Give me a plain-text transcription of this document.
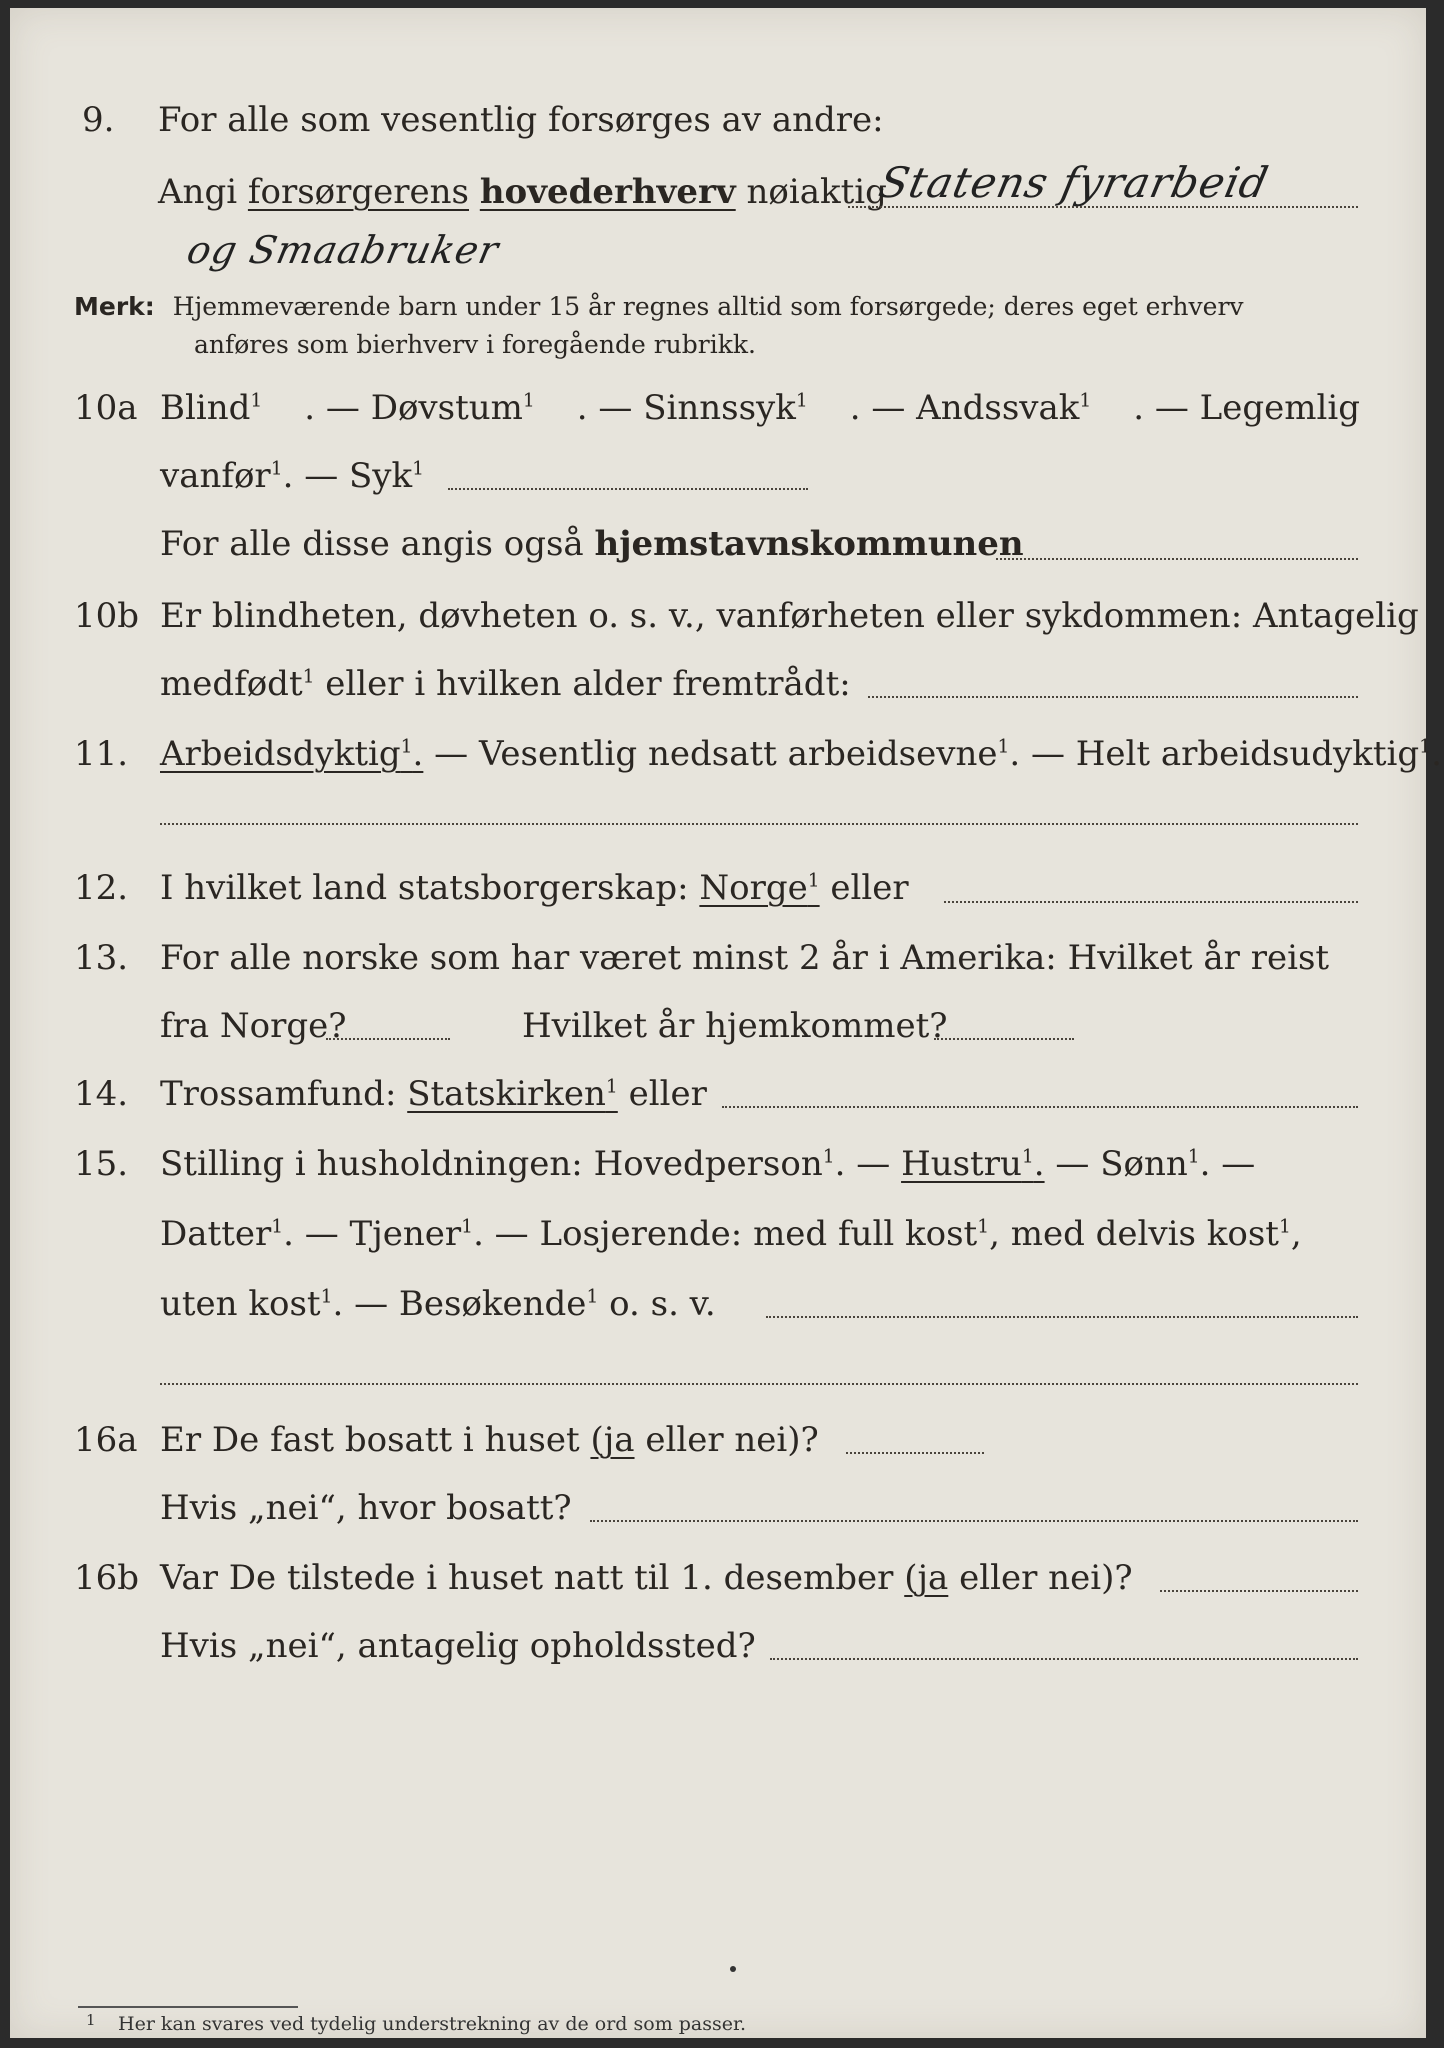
9. For alle som vesentlig forsørges av andre:
Angi forsørgerens hovederhverv nøiaktig
Statens fyrarbeid
og Smaabruker
Merk: Hjemmeværende barn under 15 år regnes alltid som forsørgede; deres eget erhverv
anføres som bierhverv i foregående rubrikk.
10a Blind$^1$ . — Døvstum$^1$ . — Sinnssyk$^1$ . — Andssvak$^1$ . — Legemlig
vanfør$^1$. — Syk$^1$
For alle disse angis også hjemstavnskommunen
10b Er blindheten, døvheten o. s. v., vanførheten eller sykdommen: Antagelig
medfødt$^1$ eller i hvilken alder fremtrådt:
11. Arbeidsdyktig$^1$. — Vesentlig nedsatt arbeidsevne$^1$. — Helt arbeidsudyktig$^1$.
12. I hvilket land statsborgerskap: Norge$^1$ eller
13. For alle norske som har været minst 2 år i Amerika: Hvilket år reist
fra Norge?	Hvilket år hjemkommet?
14. Trossamfund: Statskirken$^1$ eller
15. Stilling i husholdningen: Hovedperson$^1$. — Hustru$^1$. — Sønn$^1$. —
Datter$^1$. — Tjener$^1$. — Losjerende: med full kost$^1$, med delvis kost$^1$,
uten kost$^1$. — Besøkende$^1$ o. s. v.
16a Er De fast bosatt i huset (ja eller nei)?
Hvis „nei“, hvor bosatt?
16b Var De tilstede i huset natt til 1. desember (ja eller nei)?
Hvis „nei“, antagelig opholdssted?
1 Her kan svares ved tydelig understrekning av de ord som passer.
